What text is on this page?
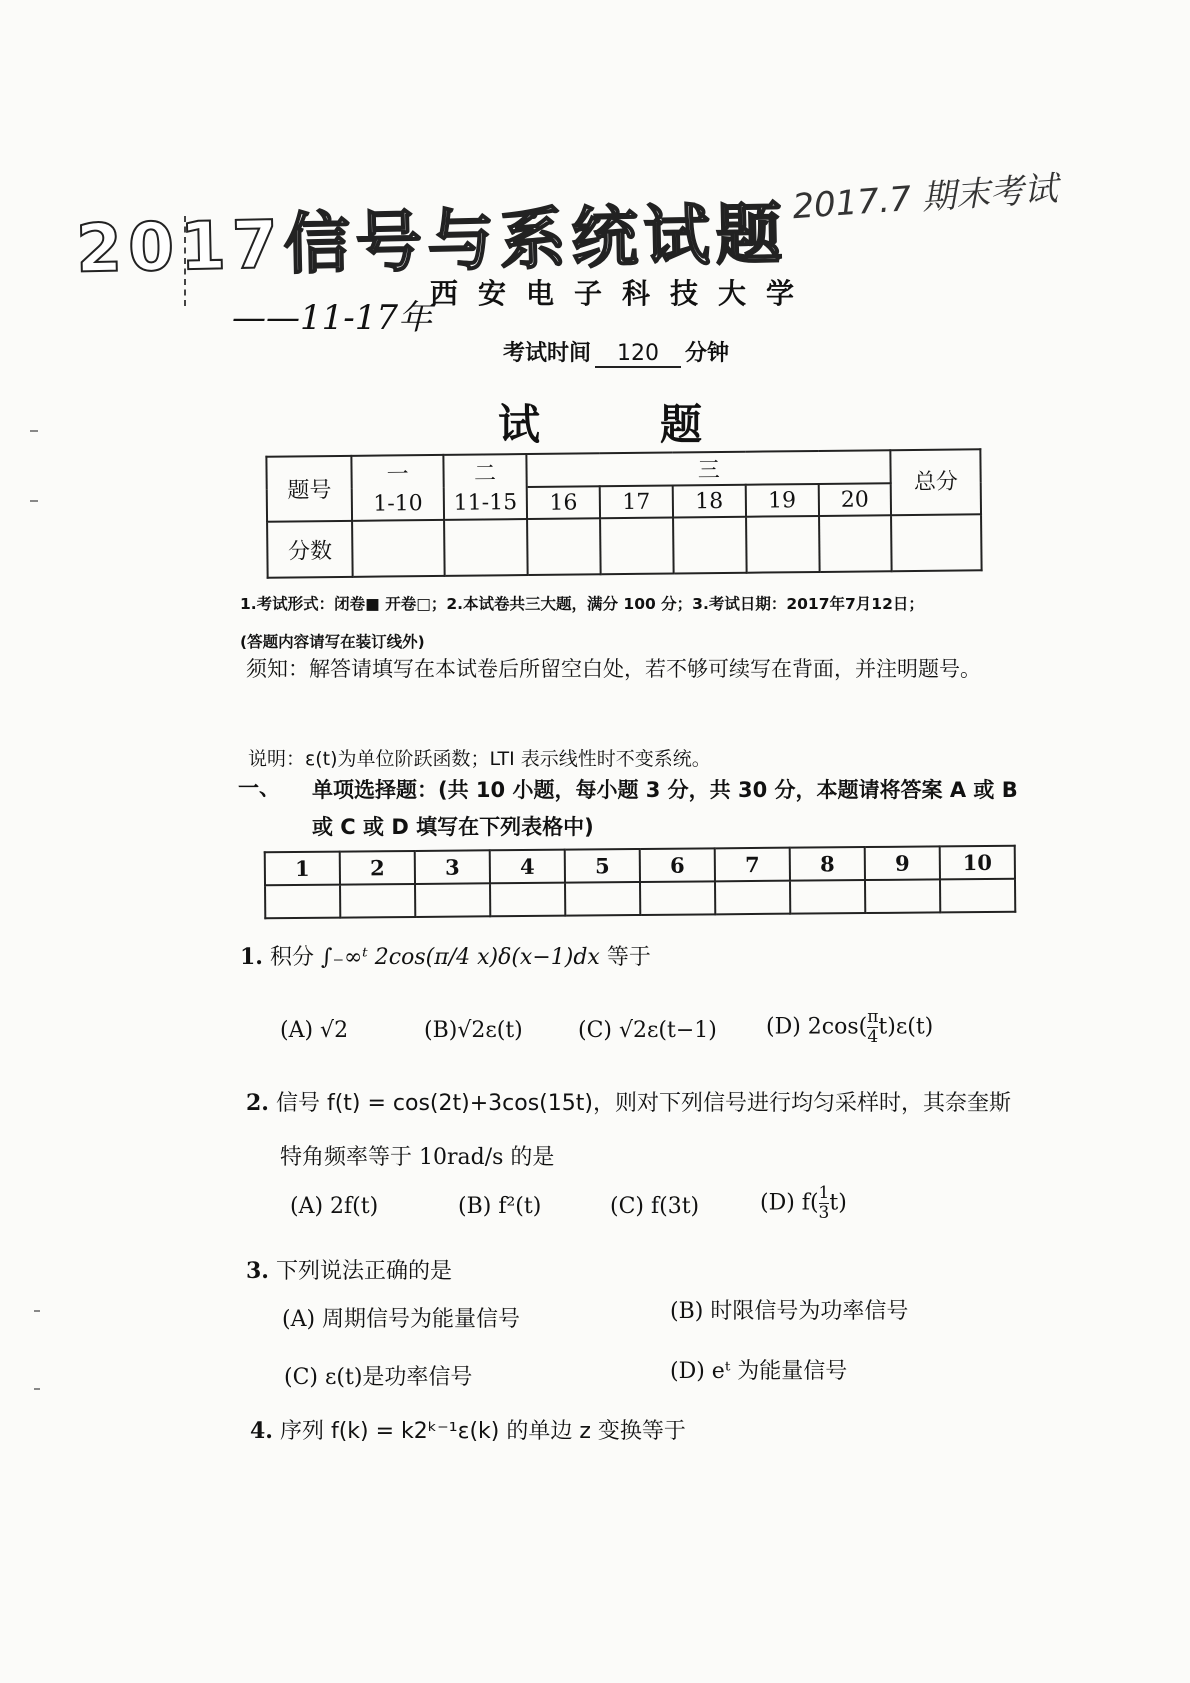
2017.7 期末考试
2017信号与系统试题
——11-17年
西安电子科技大学
考试时间 120 分钟
试题
题号	一	二	三					总分
	1-10	11-15	16	17	18	19	20	
分数								
1.考试形式：闭卷■ 开卷□；2.本试卷共三大题，满分 100 分；3.考试日期：2017年7月12日；
(答题内容请写在装订线外)
须知：解答请填写在本试卷后所留空白处，若不够可续写在背面，并注明题号。
说明：ε(t)为单位阶跃函数；LTI 表示线性时不变系统。
一、 单项选择题：(共 10 小题，每小题 3 分，共 30 分，本题请将答案 A 或 B 或 C 或 D 填写在下列表格中)
1	2	3	4	5	6	7	8	9	10

1. 积分 ∫₋∞ᵗ 2cos(π/4 x)δ(x−1)dx 等于
(A) √2	(B)√2ε(t)	(C) √2ε(t−1) (D) $2\cos( \frac{\pi}{4} t)\varepsilon(t)$
2. 信号 f(t) = cos(2t)+3cos(15t)，则对下列信号进行均匀采样时，其奈奎斯
特角频率等于 10rad/s 的是
(A) 2f(t)	(B) f²(t)	(C) f(3t)	(D) $f( \frac{1}{3} t)$
3. 下列说法正确的是
(A) 周期信号为能量信号	(B) 时限信号为功率信号
(C) ε(t)是功率信号	(D) eᵗ 为能量信号
4. 序列 f(k) = k2ᵏ⁻¹ε(k) 的单边 z 变换等于
